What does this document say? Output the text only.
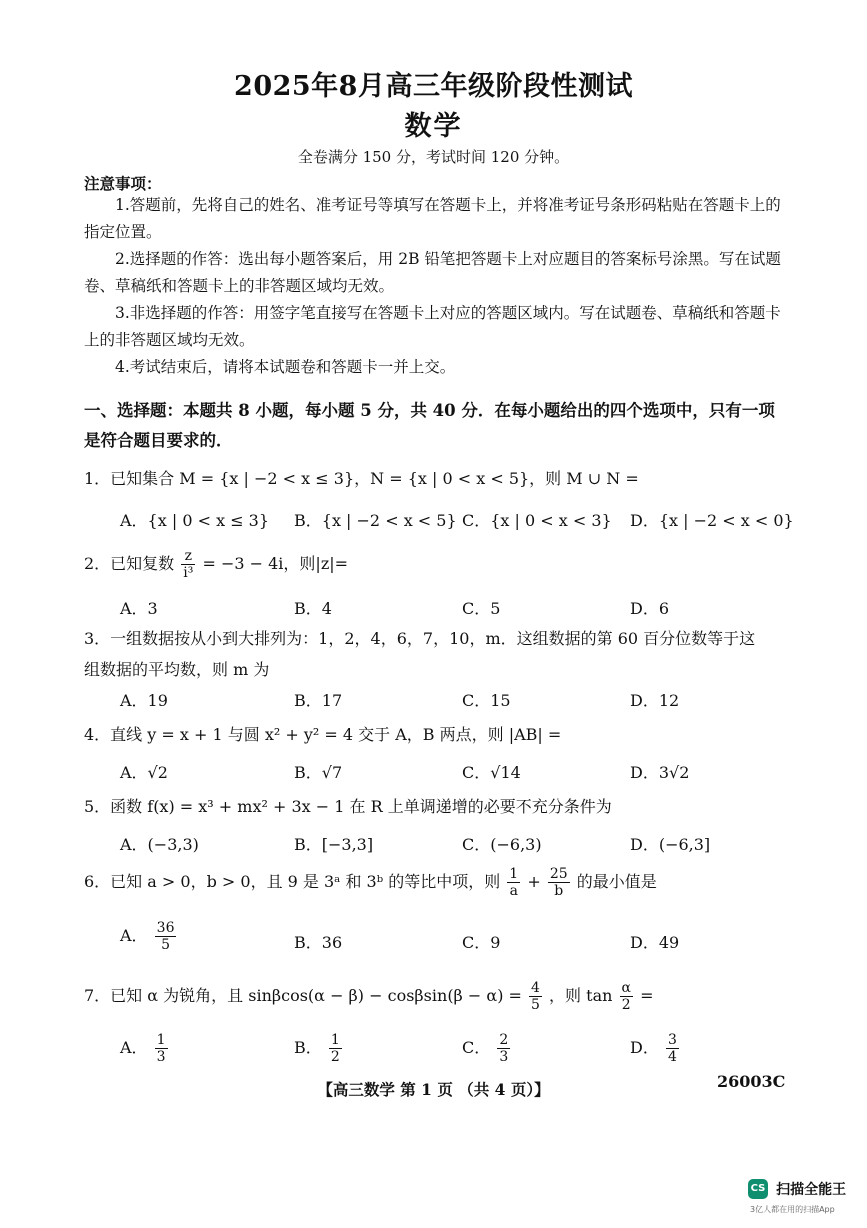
2025年8月高三年级阶段性测试
数学
全卷满分 150 分，考试时间 120 分钟。
注意事项：

1.答题前，先将自己的姓名、准考证号等填写在答题卡上，并将准考证号条形码粘贴在答题卡上的指定位置。

2.选择题的作答：选出每小题答案后，用 2B 铅笔把答题卡上对应题目的答案标号涂黑。写在试题卷、草稿纸和答题卡上的非答题区域均无效。

3.非选择题的作答：用签字笔直接写在答题卡上对应的答题区域内。写在试题卷、草稿纸和答题卡上的非答题区域均无效。

4.考试结束后，请将本试题卷和答题卡一并上交。

一、选择题：本题共 8 小题，每小题 5 分，共 40 分．在每小题给出的四个选项中，只有一项是符合题目要求的．
1．已知集合 M = {x | −2 < x ≤ 3}，N = {x | 0 < x < 5}，则 M ∪ N =
A．{x | 0 < x ≤ 3} B．{x | −2 < x < 5} C．{x | 0 < x < 3} D．{x | −2 < x < 0}
2．已知复数 $\frac{z}{\text{i³}} = -3 - 4i$，则|z|=
A．3	B．4	C．5	D．6
3．一组数据按从小到大排列为：1，2，4，6，7，10，m．这组数据的第 60 百分位数等于这
组数据的平均数，则 m 为
A．19	B．17	C．15	D．12
4．直线 y = x + 1 与圆 x² + y² = 4 交于 A，B 两点，则 |AB| =
A．√2	B．√7	C．√14	D．3√2
5．函数 f(x) = x³ + mx² + 3x − 1 在 R 上单调递增的必要不充分条件为
A．(−3,3)	B．[−3,3]	C．(−6,3)	D．(−6,3]
6．已知 a > 0，b > 0，且 9 是 3ᵃ 和 3ᵇ 的等比中项，则 $\frac{1}{a} + \frac{25}{b}$ 的最小值是
A． $\frac{36}{5}$	B．36	C．9	D．49
7．已知 α 为锐角，且 $\sin\beta\cos(\alpha - \beta) - \cos\beta\sin(\beta - \alpha) = \frac{4}{5}$ ，则 $\tan \frac{\alpha}{2}$ =
A． $\frac{1}{3}$	B． $\frac{1}{2}$	C． $\frac{2}{3}$	D． $\frac{3}{4}$
【高三数学 第 1 页 （共 4 页）】	26003C
CS 扫描全能王
3亿人都在用的扫描App
